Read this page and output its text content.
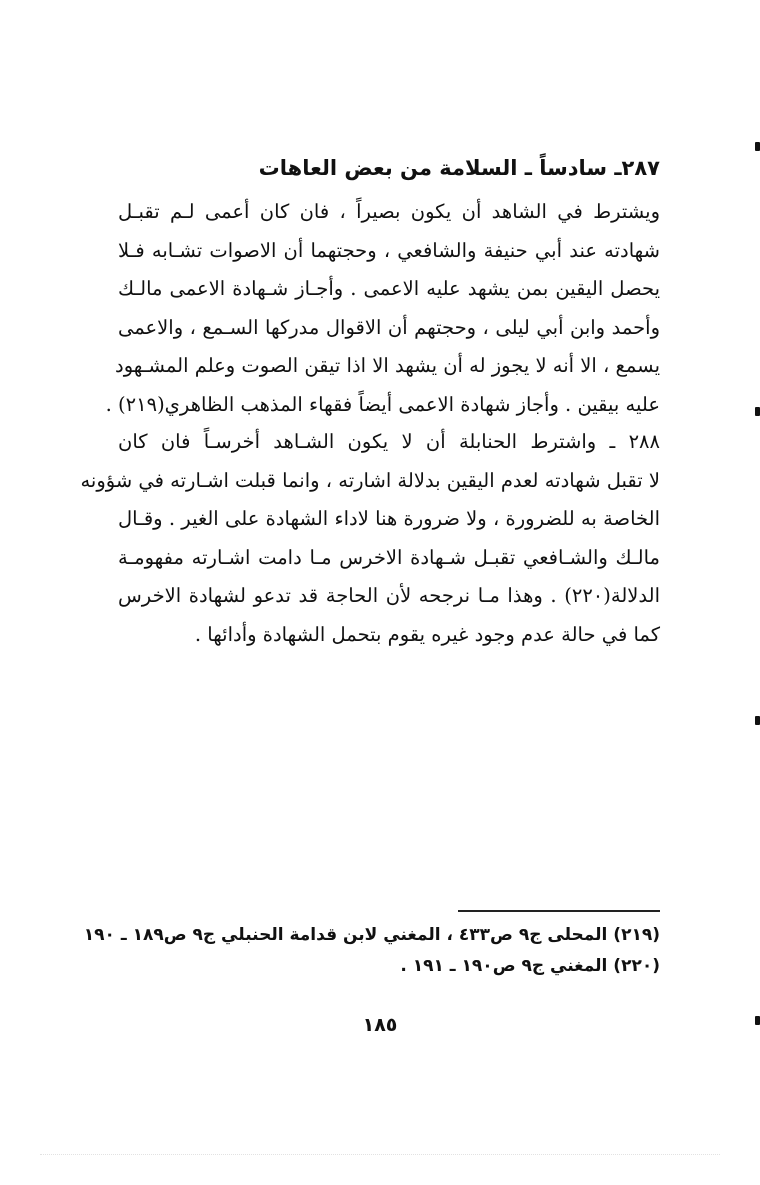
٢٨٧ـ سادساً ـ السلامة من بعض العاهات
ويشترط في الشاهد أن يكون بصيراً ، فان كان أعمى لـم تقبـل
شهادته عند أبي حنيفة والشافعي ، وحجتهما أن الاصوات تشـابه فـلا
يحصل اليقين بمن يشهد عليه الاعمى . وأجـاز شـهادة الاعمى مالـك
وأحمد وابن أبي ليلى ، وحجتهم أن الاقوال مدركها السـمع ، والاعمى
يسمع ، الا أنه لا يجوز له أن يشهد الا اذا تيقن الصوت وعلم المشـهود
عليه بيقين . وأجاز شهادة الاعمى أيضاً فقهاء المذهب الظاهري(٢١٩) .
٢٨٨ ـ واشترط الحنابلة أن لا يكون الشـاهد أخرسـاً فان كان
لا تقبل شهادته لعدم اليقين بدلالة اشارته ، وانما قبلت اشـارته في شؤونه
الخاصة به للضرورة ، ولا ضرورة هنا لاداء الشهادة على الغير . وقـال
مالـك والشـافعي تقبـل شـهادة الاخرس مـا دامت اشـارته مفهومـة
الدلالة(٢٢٠) . وهذا مـا نرجحه لأن الحاجة قد تدعو لشهادة الاخرس
كما في حالة عدم وجود غيره يقوم بتحمل الشهادة وأدائها .
(٢١٩) المحلى ج٩ ص٤٣٣ ، المغني لابن قدامة الحنبلي ج٩ ص١٨٩ ـ ١٩٠
(٢٢٠) المغني ج٩ ص١٩٠ ـ ١٩١ .
١٨٥
